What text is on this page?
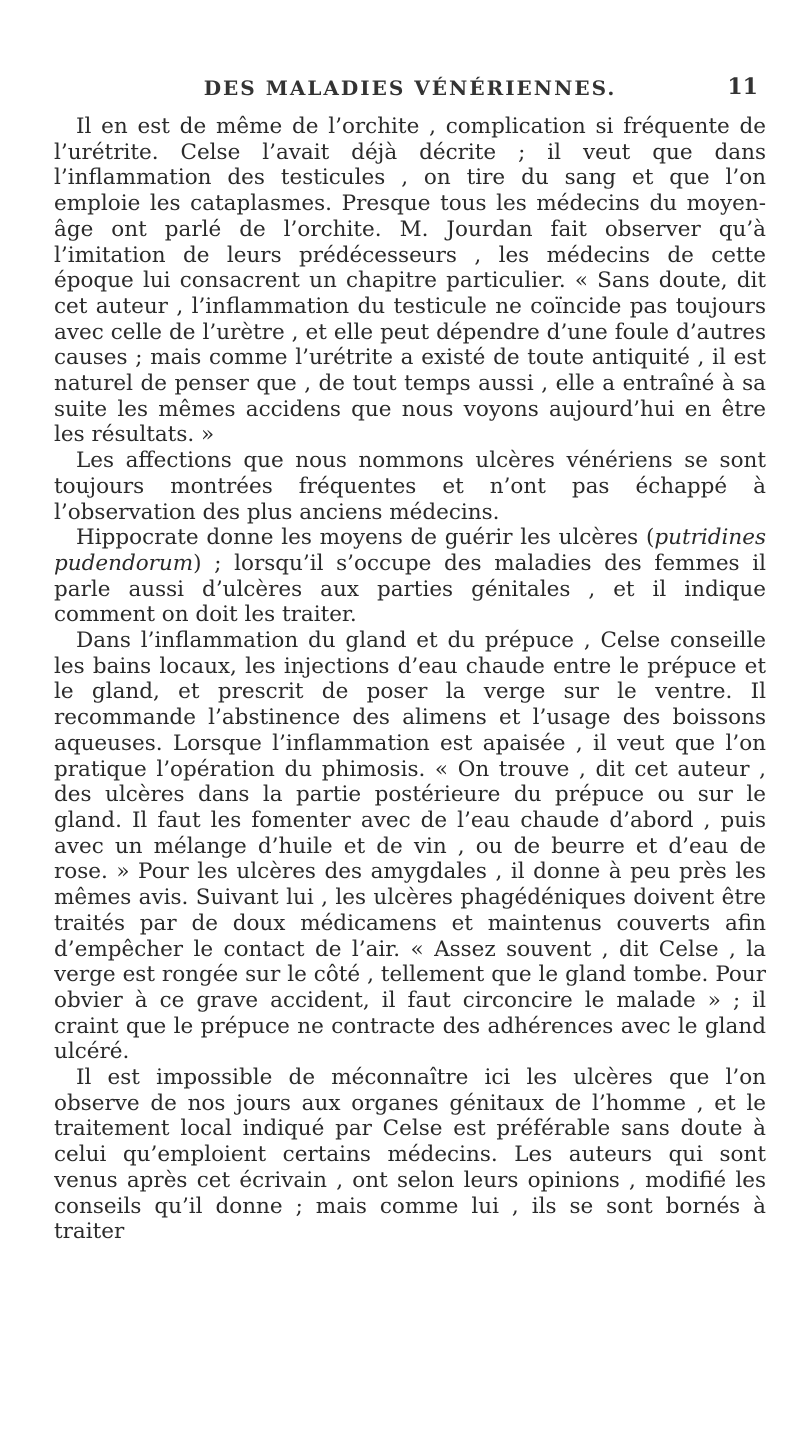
DES MALADIES VÉNÉRIENNES.	11

Il en est de même de l’orchite , complication si fréquente de l’urétrite. Celse l’avait déjà décrite ; il veut que dans l’inflammation des testicules , on tire du sang et que l’on emploie les cataplasmes. Presque tous les médecins du moyen-âge ont parlé de l’orchite. M. Jourdan fait observer qu’à l’imitation de leurs prédécesseurs , les médecins de cette époque lui consacrent un chapitre particulier. « Sans doute, dit cet auteur , l’inflammation du testicule ne coïncide pas toujours avec celle de l’urètre , et elle peut dépendre d’une foule d’autres causes ; mais comme l’urétrite a existé de toute antiquité , il est naturel de penser que , de tout temps aussi , elle a entraîné à sa suite les mêmes accidens que nous voyons aujourd’hui en être les résultats. »

Les affections que nous nommons ulcères vénériens se sont toujours montrées fréquentes et n’ont pas échappé à l’observation des plus anciens médecins.

Hippocrate donne les moyens de guérir les ulcères (putridines pudendorum) ; lorsqu’il s’occupe des maladies des femmes il parle aussi d’ulcères aux parties génitales , et il indique comment on doit les traiter.

Dans l’inflammation du gland et du prépuce , Celse conseille les bains locaux, les injections d’eau chaude entre le prépuce et le gland, et prescrit de poser la verge sur le ventre. Il recommande l’abstinence des alimens et l’usage des boissons aqueuses. Lorsque l’inflammation est apaisée , il veut que l’on pratique l’opération du phimosis. « On trouve , dit cet auteur , des ulcères dans la partie postérieure du prépuce ou sur le gland. Il faut les fomenter avec de l’eau chaude d’abord , puis avec un mélange d’huile et de vin , ou de beurre et d’eau de rose. » Pour les ulcères des amygdales , il donne à peu près les mêmes avis. Suivant lui , les ulcères phagédéniques doivent être traités par de doux médicamens et maintenus couverts afin d’empêcher le contact de l’air. « Assez souvent , dit Celse , la verge est rongée sur le côté , tellement que le gland tombe. Pour obvier à ce grave accident, il faut circoncire le malade » ; il craint que le prépuce ne contracte des adhérences avec le gland ulcéré.

Il est impossible de méconnaître ici les ulcères que l’on observe de nos jours aux organes génitaux de l’homme , et le traitement local indiqué par Celse est préférable sans doute à celui qu’emploient certains médecins. Les auteurs qui sont venus après cet écrivain , ont selon leurs opinions , modifié les conseils qu’il donne ; mais comme lui , ils se sont bornés à traiter
